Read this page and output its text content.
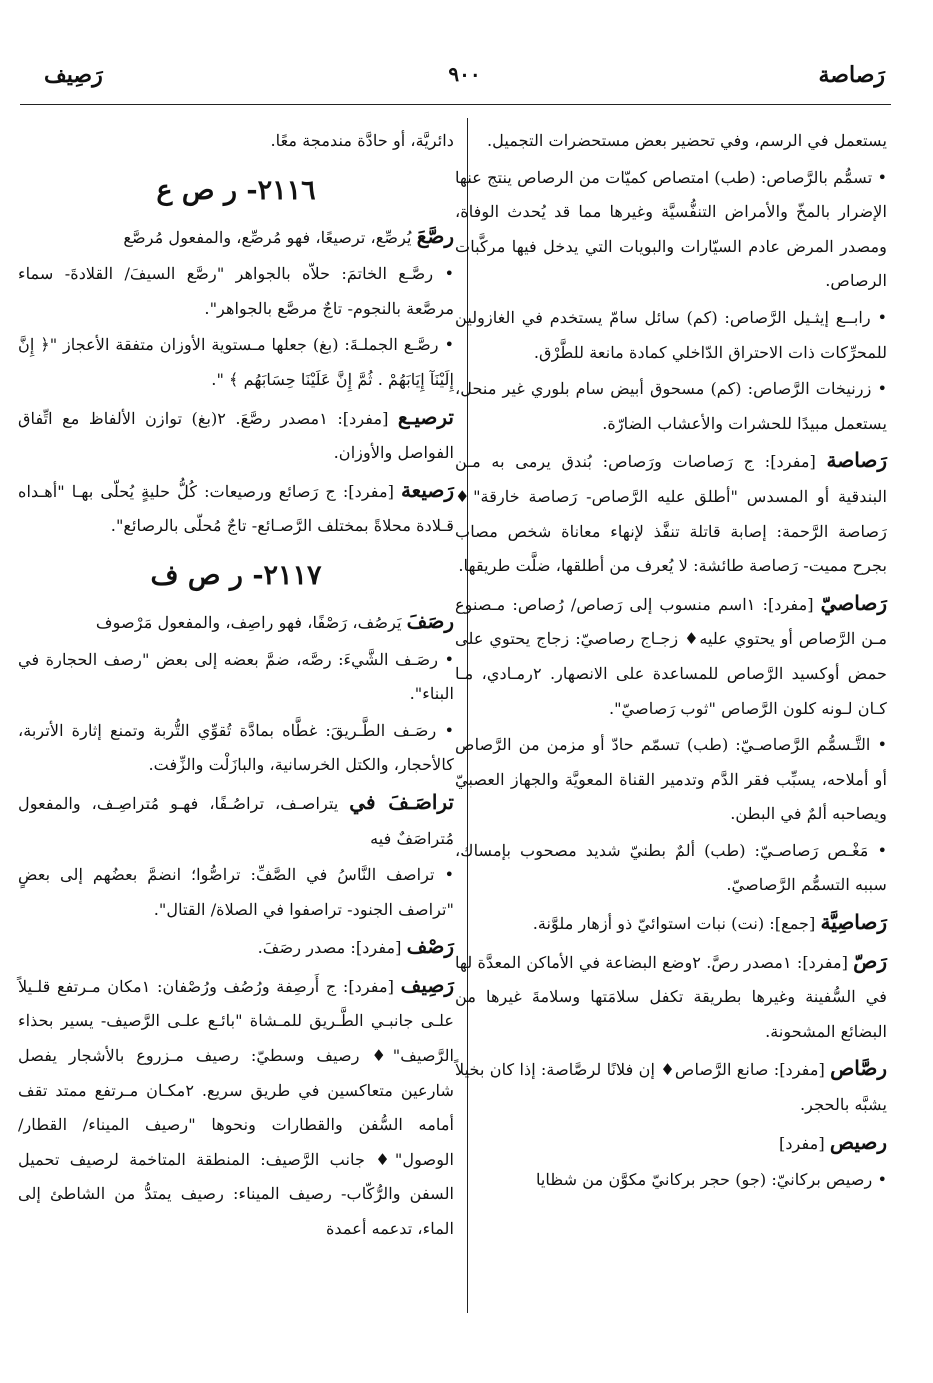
رَصاصة
٩٠٠
رَصِيف
يستعمل في الرسم، وفي تحضير بعض مستحضرات التجميل.
• تسمُّم بالرَّصاص: (طب) امتصاص كميّات من الرصاص ينتج عنها الإضرار بالمخّ والأمراض التنفُّسيَّة وغيرها مما قد يُحدث الوفاة، ومصدر المرض عادم السيّارات والبويات التي يدخل فيها مركَّبات الرصاص.
• رابــع إيثـيل الرَّصاص: (كم) سائل سامّ يستخدم في الغازولين للمحرِّكات ذات الاحتراق الدّاخلي كمادة مانعة للطَّرْق.
• زرنيخات الرَّصاص: (كم) مسحوق أبيض سام بلوري غير منحل، يستعمل مبيدًا للحشرات والأعشاب الضارّة.
رَصاصة [مفرد]: ج رَصاصات ورَصاص: بُندق يرمى به مـن البندقية أو المسدس "أطلق عليه الرَّصاص- رَصاصة خارقة"♦ رَصاصة الرَّحمة: إصابة قاتلة تنفَّذ لإنهاء معاناة شخص مصاب بجرح مميت- رَصاصة طائشة: لا يُعرف من أطلقها، ضلَّت طريقها.
رَصاصيّ [مفرد]: ١اسم منسوب إلى رَصاص/ رُصاص: مـصنوع مـن الرَّصاص أو يحتوي عليه♦ زجـاج رصاصيّ: زجاج يحتوي على حمض أوكسيد الرَّصاص للمساعدة على الانصهار. ٢رمـادي، مـا كـان لـونه كلون الرَّصاص "ثوب رَصاصيّ".
• التَّـسمُّم الرَّصاصـيّ: (طب) تسمّم حادّ أو مزمن من الرَّصاص أو أملاحه، يسبِّب فقر الدَّم وتدمير القناة المعويَّة والجهاز العصبيّ ويصاحبه ألمٌ في البطن.
• مَغْـص رَصاصـيّ: (طب) ألمٌ بطنيّ شديد مصحوب بإمساك، سببه التسمُّم الرَّصاصيّ.
رَصاصِيَّة [جمع]: (نت) نبات استوائيّ ذو أزهار ملوَّنة.
رَصّ [مفرد]: ١مصدر رصَّ. ٢وضع البضاعة في الأماكن المعدَّة لها في السُّفينة وغيرها بطريقة تكفل سلامَتها وسلامةَ غيرها من البضائع المشحونة.
رصَّاص [مفرد]: صانع الرَّصاص♦ إن فلانًا لرصَّاصة: إذا كان بخيلاً يشبَّه بالحجر.
رصيص [مفرد]
• رصيص بركانيّ: (جو) حجر بركانيّ مكوَّن من شظايا
دائريَّة، أو حادَّة مندمجة معًا.
٢١١٦- ر ص ع
رصَّعَ يُرصِّع، ترصيعًا، فهو مُرصِّع، والمفعول مُرصَّع
• رصَّـع الخاتمَ: حلاّه بالجواهر "رصَّع السيفَ/ القلادةَ- سماء مرصَّعة بالنجوم- تاجٌ مرصَّع بالجواهر".
• رصَّـع الجملـةَ: (بغ) جعلها مـستوية الأوزان متفقة الأعجاز "﴿ إِنَّ إِلَيْنَآ إِيَابَهُمْ . ثُمَّ إِنَّ عَلَيْنَا حِسَابَهُم ﴾ ".
ترصيـع [مفرد]: ١مصدر رصَّعَ. ٢(بغ) توازن الألفاظ مع اتِّفاق الفواصل والأوزان.
رَصيعة [مفرد]: ج رَصائع ورصيعات: كُلُّ حليةٍ يُحلّى بهـا "أهـداه قـلادة محلاةً بمختلف الرَّصـائع- تاجٌ مُحلّى بالرصائع".
٢١١٧- ر ص ف
رصَفَ يَرصُف، رَصْفًا، فهو راصِف، والمفعول مَرْصوف
• رصَـف الشَّيءَ: رصَّه، ضمَّ بعضه إلى بعض "رصف الحجارة في البناء".
• رصَـف الطَّـريقَ: غطَّاه بمادَّة تُقوِّي التُّربة وتمنع إثارة الأتربة، كالأحجار، والكتل الخرسانية، والبازَلْت والزِّفت.
تراصَـفَ في يتراصـف، تراصُـفًا، فهـو مُتراصِـف، والمفعول مُتراصَفٌ فيه
• تراصف النَّاسُ في الصَّفِّ: تراصُّوا؛ انضمَّ بعضُهم إلى بعضٍ "تراصف الجنود- تراصفوا في الصلاة/ القتال".
رَصْف [مفرد]: مصدر رصَفَ.
رَصِيف [مفرد]: ج أَرصِفة ورُصُف ورُصْفان: ١مكان مـرتفع قلـيلاً علـى جانبـي الطَّـريق للمـشاة "بائـع علـى الرَّصيف- يسير بحذاء الرَّصيف"♦ رصيف وسطيّ: رصيف مـزروع بالأشجار يفصل شارعين متعاكسين في طريق سريع. ٢مكـان مـرتفع ممتد تقف أمامه السُّفن والقطارات ونحوها "رصيف الميناء/ القطار/ الوصول"♦ جانب الرَّصيف: المنطقة المتاخمة لرصيف تحميل السفن والرُّكّاب- رصيف الميناء: رصيف يمتدُّ من الشاطئ إلى الماء، تدعمه أعمدة
